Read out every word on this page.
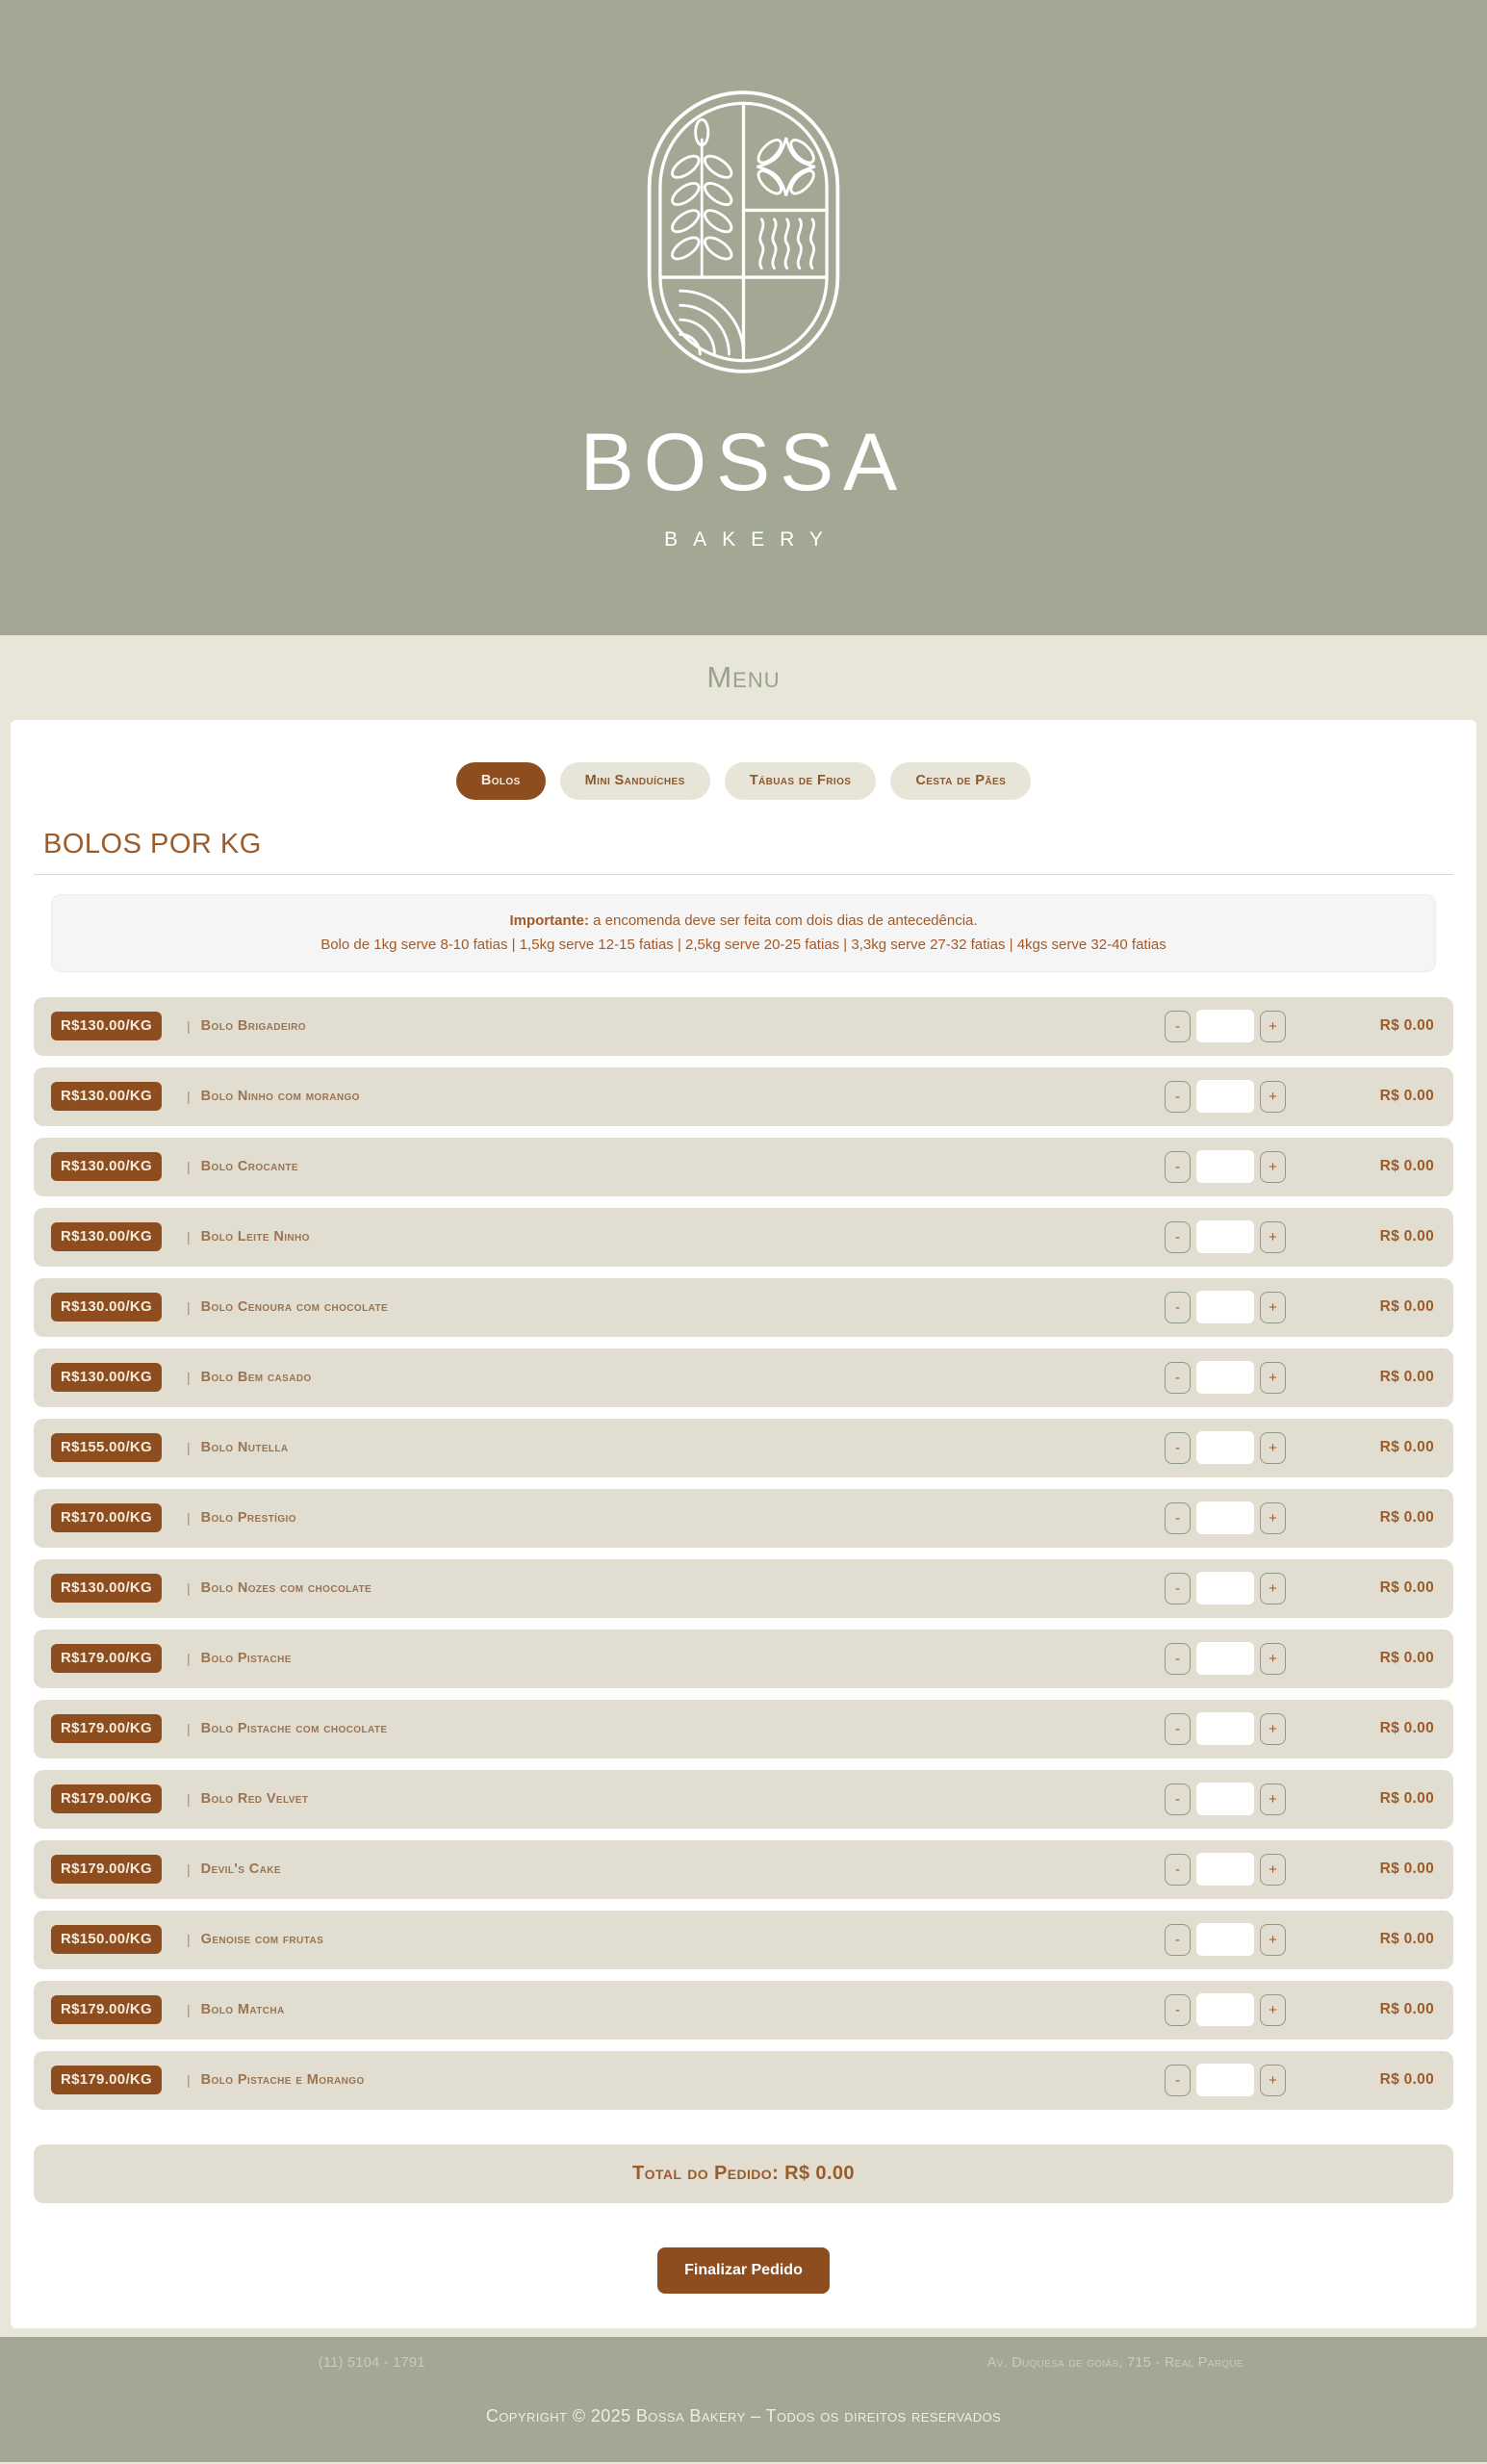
BOSSA
BAKERY
Menu
Bolos	Mini Sanduíches	Tábuas de Frios	Cesta de Pães
BOLOS POR KG
Importante: a encomenda deve ser feita com dois dias de antecedência.
Bolo de 1kg serve 8-10 fatias | 1,5kg serve 12-15 fatias | 2,5kg serve 20-25 fatias | 3,3kg serve 27-32 fatias | 4kgs serve 32-40 fatias
R$130.00/KG	| Bolo Brigadeiro	-	+	R$ 0.00
R$130.00/KG	| Bolo Ninho com morango	-	+	R$ 0.00
R$130.00/KG	| Bolo Crocante	-	+	R$ 0.00
R$130.00/KG	| Bolo Leite Ninho	-	+	R$ 0.00
R$130.00/KG	| Bolo Cenoura com chocolate	-	+	R$ 0.00
R$130.00/KG	| Bolo Bem casado	-	+	R$ 0.00
R$155.00/KG	| Bolo Nutella	-	+	R$ 0.00
R$170.00/KG	| Bolo Prestígio	-	+	R$ 0.00
R$130.00/KG	| Bolo Nozes com chocolate	-	+	R$ 0.00
R$179.00/KG	| Bolo Pistache	-	+	R$ 0.00
R$179.00/KG	| Bolo Pistache com chocolate	-	+	R$ 0.00
R$179.00/KG	| Bolo Red Velvet	-	+	R$ 0.00
R$179.00/KG	| Devil's Cake	-	+	R$ 0.00
R$150.00/KG	| Genoise com frutas	-	+	R$ 0.00
R$179.00/KG	| Bolo Matcha	-	+	R$ 0.00
R$179.00/KG	| Bolo Pistache e Morango	-	+	R$ 0.00
Total do Pedido: R$ 0.00
Finalizar Pedido
(11) 5104 - 1791	Av. Duquesa de goiás, 715 - Real Parque
Copyright © 2025 Bossa Bakery – Todos os direitos reservados
